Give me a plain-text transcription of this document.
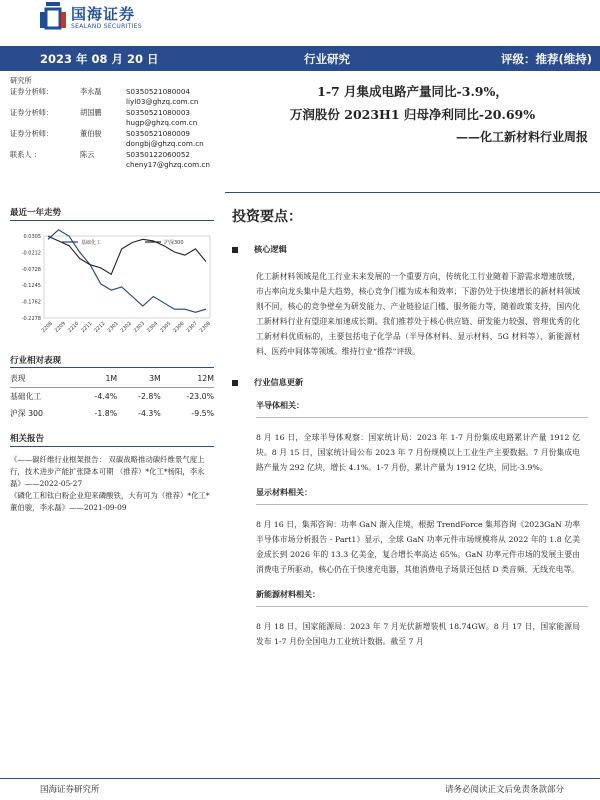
国海证券
SEALAND SECURITIES
2023 年 08 月 20 日	行业研究	评级：推荐(维持)
研究所
证券分析师：	李永磊	S0350521080004
liyl03@ghzq.com.cn
证券分析师：	胡国鹏	S0350521080003
hugp@ghzq.com.cn
证券分析师：	董伯骏	S0350521080009
dongbj@ghzq.com.cn
联系人 ：	陈云	S0350122060052
cheny17@ghzq.com.cn
最近一年走势
0.0305
-0.0212
-0.0728
-0.1245
-0.1762
-0.2278
2208 2209 2210 2211 2212 2301 2302 2303 2304 2305 2306 2307 2308
基础化工	沪深300
行业相对表现
表现	1M	3M	12M
基础化工	-4.4%	-2.8%	-23.0%
沪深 300	-1.8%	-4.3%	-9.5%
相关报告

《——碳纤维行业框架报告： 双碳战略推动碳纤维景气度上行，技术进步产能扩张降本可期 （推荐）*化工*杨阳，李永磊》——2022-05-27

《磷化工和钛白粉企业迎来磷酸铁，大有可为（推荐）*化工*董伯骏，李永磊》——2021-09-09

1-7 月集成电路产量同比-3.9%，
万润股份 2023H1 归母净利同比-20.69%
——化工新材料行业周报
投资要点：
核心逻辑
化工新材料领域是化工行业未来发展的一个重要方向，传统化工行业随着下游需求增速放缓，市占率向龙头集中是大趋势，核心竞争门槛为成本和效率；下游仍处于快速增长的新材料领域则不同，核心的竞争壁垒为研发能力、产业链验证门槛、服务能力等，随着政策支持，国内化工新材料行业有望迎来加速成长期。我们推荐处于核心供应链、研发能力较强、管理优秀的化工新材料优质标的，主要包括电子化学品（半导体材料、显示材料、5G 材料等）、新能源材料、医药中间体等领域。维持行业“推荐”评级。
行业信息更新
半导体相关：
8 月 16 日，全球半导体观察：国家统计局：2023 年 1-7 月份集成电路累计产量 1912 亿块。8 月 15 日，国家统计局公布 2023 年 7 月份规模以上工业生产主要数据。7 月份集成电路产量为 292 亿块，增长 4.1%。1-7 月份，累计产量为 1912 亿块，同比-3.9%。
显示材料相关：
8 月 16 日，集邦咨询：功率 GaN 渐入佳境，根据 TrendForce 集邦咨询《2023GaN 功率半导体市场分析报告 - Part1》显示，全球 GaN 功率元件市场规模将从 2022 年的 1.8 亿美金成长到 2026 年的 13.3 亿美金，复合增长率高达 65%。GaN 功率元件市场的发展主要由消费电子所驱动，核心仍在于快速充电器，其他消费电子场景还包括 D 类音频、无线充电等。
新能源材料相关：
8 月 18 日，国家能源局：2023 年 7 月光伏新增装机 18.74GW。8 月 17 日，国家能源局发布 1-7 月份全国电力工业统计数据。截至 7 月
国海证券研究所	请务必阅读正文后免责条款部分
